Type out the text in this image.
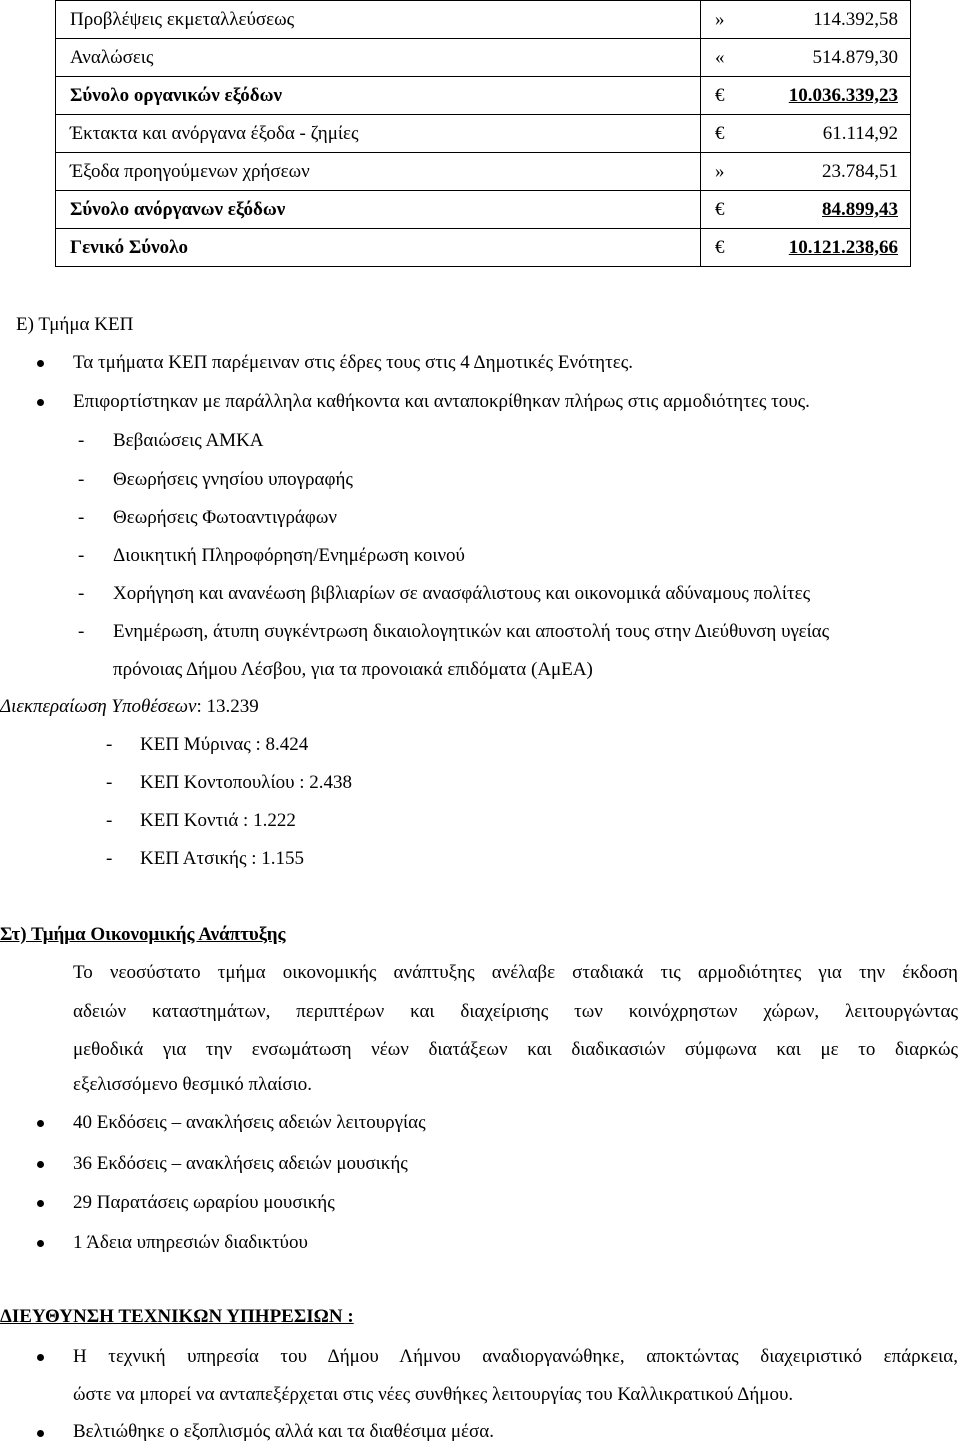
Προβλέψεις εκμεταλλεύσεως	» 114.392,58
Αναλώσεις	« 514.879,30
Σύνολο οργανικών εξόδων	€ 10.036.339,23
Έκτακτα και ανόργανα έξοδα - ζημίες	€ 61.114,92
Έξοδα προηγούμενων χρήσεων	» 23.784,51
Σύνολο ανόργανων εξόδων	€ 84.899,43
Γενικό Σύνολο	€ 10.121.238,66
Ε) Τμήμα ΚΕΠ
Τα τμήματα ΚΕΠ παρέμειναν στις έδρες τους στις 4 Δημοτικές Ενότητες.
Επιφορτίστηκαν με παράλληλα καθήκοντα και ανταποκρίθηκαν πλήρως στις αρμοδιότητες τους.
- Βεβαιώσεις ΑΜΚΑ
- Θεωρήσεις γνησίου υπογραφής
- Θεωρήσεις Φωτοαντιγράφων
- Διοικητική Πληροφόρηση/Ενημέρωση κοινού
- Χορήγηση και ανανέωση βιβλιαρίων σε ανασφάλιστους και οικονομικά αδύναμους πολίτες
- Ενημέρωση, άτυπη συγκέντρωση δικαιολογητικών και αποστολή τους στην Διεύθυνση υγείας
πρόνοιας Δήμου Λέσβου, για τα προνοιακά επιδόματα (ΑμΕΑ)
Διεκπεραίωση Υποθέσεων: 13.239
- ΚΕΠ Μύρινας : 8.424
- ΚΕΠ Κοντοπουλίου : 2.438
- ΚΕΠ Κοντιά : 1.222
- ΚΕΠ Ατσικής : 1.155
Στ) Τμήμα Οικονομικής Ανάπτυξης
Το νεοσύστατο τμήμα οικονομικής ανάπτυξης ανέλαβε σταδιακά τις αρμοδιότητες για την έκδοση
αδειών καταστημάτων, περιπτέρων και διαχείρισης των κοινόχρηστων χώρων, λειτουργώντας
μεθοδικά για την ενσωμάτωση νέων διατάξεων και διαδικασιών σύμφωνα και με το διαρκώς
εξελισσόμενο θεσμικό πλαίσιο.
40 Εκδόσεις – ανακλήσεις αδειών λειτουργίας
36 Εκδόσεις – ανακλήσεις αδειών μουσικής
29 Παρατάσεις ωραρίου μουσικής
1 Άδεια υπηρεσιών διαδικτύου
ΔΙΕΥΘΥΝΣΗ ΤΕΧΝΙΚΩΝ ΥΠΗΡΕΣΙΩΝ :
Η τεχνική υπηρεσία του Δήμου Λήμνου αναδιοργανώθηκε, αποκτώντας διαχειριστικό επάρκεια,
ώστε να μπορεί να ανταπεξέρχεται στις νέες συνθήκες λειτουργίας του Καλλικρατικού Δήμου.
Βελτιώθηκε ο εξοπλισμός αλλά και τα διαθέσιμα μέσα.
